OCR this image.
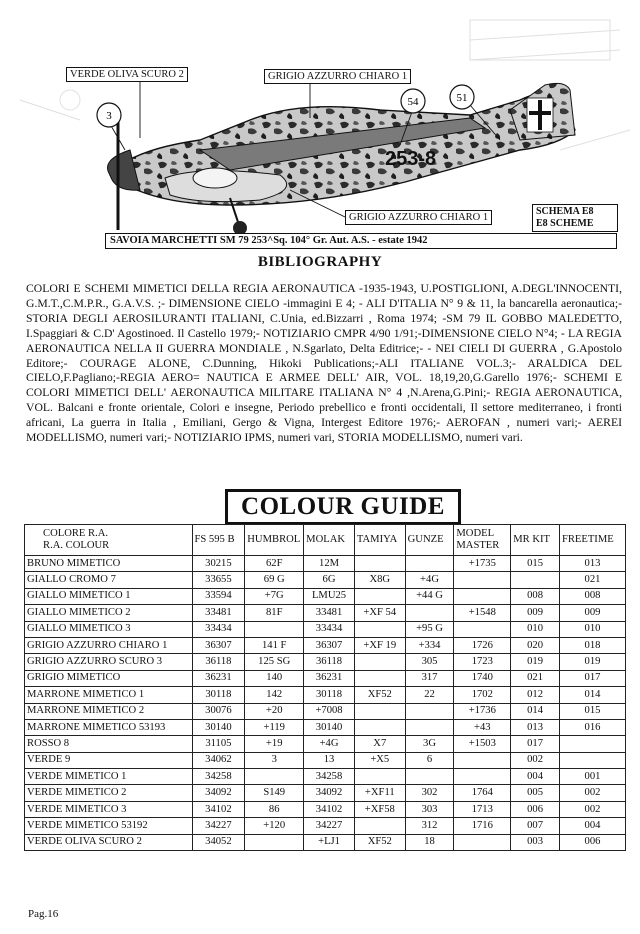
3
54	51
253-8
VERDE OLIVA SCURO 2	GRIGIO AZZURRO CHIARO 1
GRIGIO AZZURRO CHIARO 1
SCHEMA E8
E8 SCHEME
SAVOIA MARCHETTI SM 79 253^Sq. 104° Gr. Aut. A.S. - estate 1942
BIBLIOGRAPHY
COLORI E SCHEMI MIMETICI DELLA REGIA AERONAUTICA -1935-1943, U.POSTIGLIONI, A.DEGL'INNOCENTI, G.M.T.,C.M.P.R., G.A.V.S. ;- DIMENSIONE CIELO -immagini E 4; - ALI D'ITALIA N° 9 & 11, la bancarella aeronautica;- STORIA DEGLI AEROSILURANTI ITALIANI, C.Unia, ed.Bizzarri , Roma 1974; -SM 79 IL GOBBO MALEDETTO, I.Spaggiari & C.D' Agostinoed. Il Castello 1979;- NOTIZIARIO CMPR 4/90 1/91;-DIMENSIONE CIELO N°4; - LA REGIA AERONAUTICA NELLA II GUERRA MONDIALE , N.Sgarlato, Delta Editrice;- - NEI CIELI DI GUERRA , G.Apostolo Editore;- COURAGE ALONE, C.Dunning, Hikoki Publications;-ALI ITALIANE VOL.3;- ARALDICA DEL CIELO,F.Pagliano;-REGIA AERO= NAUTICA E ARMEE DELL' AIR, VOL. 18,19,20,G.Garello 1976;- SCHEMI E COLORI MIMETICI DELL' AERONAUTICA MILITARE ITALIANA N° 4 ,N.Arena,G.Pini;- REGIA AERONAUTICA, VOL. Balcani e fronte orientale, Colori e insegne, Periodo prebellico e fronti occidentali, Il settore mediterraneo, i fronti africani, La guerra in Italia , Emiliani, Gergo & Vigna, Intergest Editore 1976;- AEROFAN , numeri vari;- AEREI MODELLISMO, numeri vari;- NOTIZIARIO IPMS, numeri vari, STORIA MODELLISMO, numeri vari.
COLOUR GUIDE
COLORE R.A.
R.A. COLOUR	FS 595 B	HUMBROL	MOLAK	TAMIYA	GUNZE	MODEL MASTER	MR KIT	FREETIME
BRUNO MIMETICO	30215	62F	12M			+1735	015	013
GIALLO CROMO 7	33655	69 G	6G	X8G	+4G			021
GIALLO MIMETICO 1	33594	+7G	LMU25		+44 G		008	008
GIALLO MIMETICO 2	33481	81F	33481	+XF 54		+1548	009	009
GIALLO MIMETICO 3	33434		33434		+95 G		010	010
GRIGIO AZZURRO CHIARO 1	36307	141 F	36307	+XF 19	+334	1726	020	018
GRIGIO AZZURRO SCURO 3	36118	125 SG	36118		305	1723	019	019
GRIGIO MIMETICO	36231	140	36231		317	1740	021	017
MARRONE MIMETICO 1	30118	142	30118	XF52	22	1702	012	014
MARRONE MIMETICO 2	30076	+20	+7008			+1736	014	015
MARRONE MIMETICO 53193	30140	+119	30140			+43	013	016
ROSSO 8	31105	+19	+4G	X7	3G	+1503	017	
VERDE 9	34062	3	13	+X5	6		002	
VERDE MIMETICO 1	34258		34258				004	001
VERDE MIMETICO 2	34092	S149	34092	+XF11	302	1764	005	002
VERDE MIMETICO 3	34102	86	34102	+XF58	303	1713	006	002
VERDE MIMETICO 53192	34227	+120	34227		312	1716	007	004
VERDE OLIVA SCURO 2	34052		+LJ1	XF52	18		003	006
Pag.16
